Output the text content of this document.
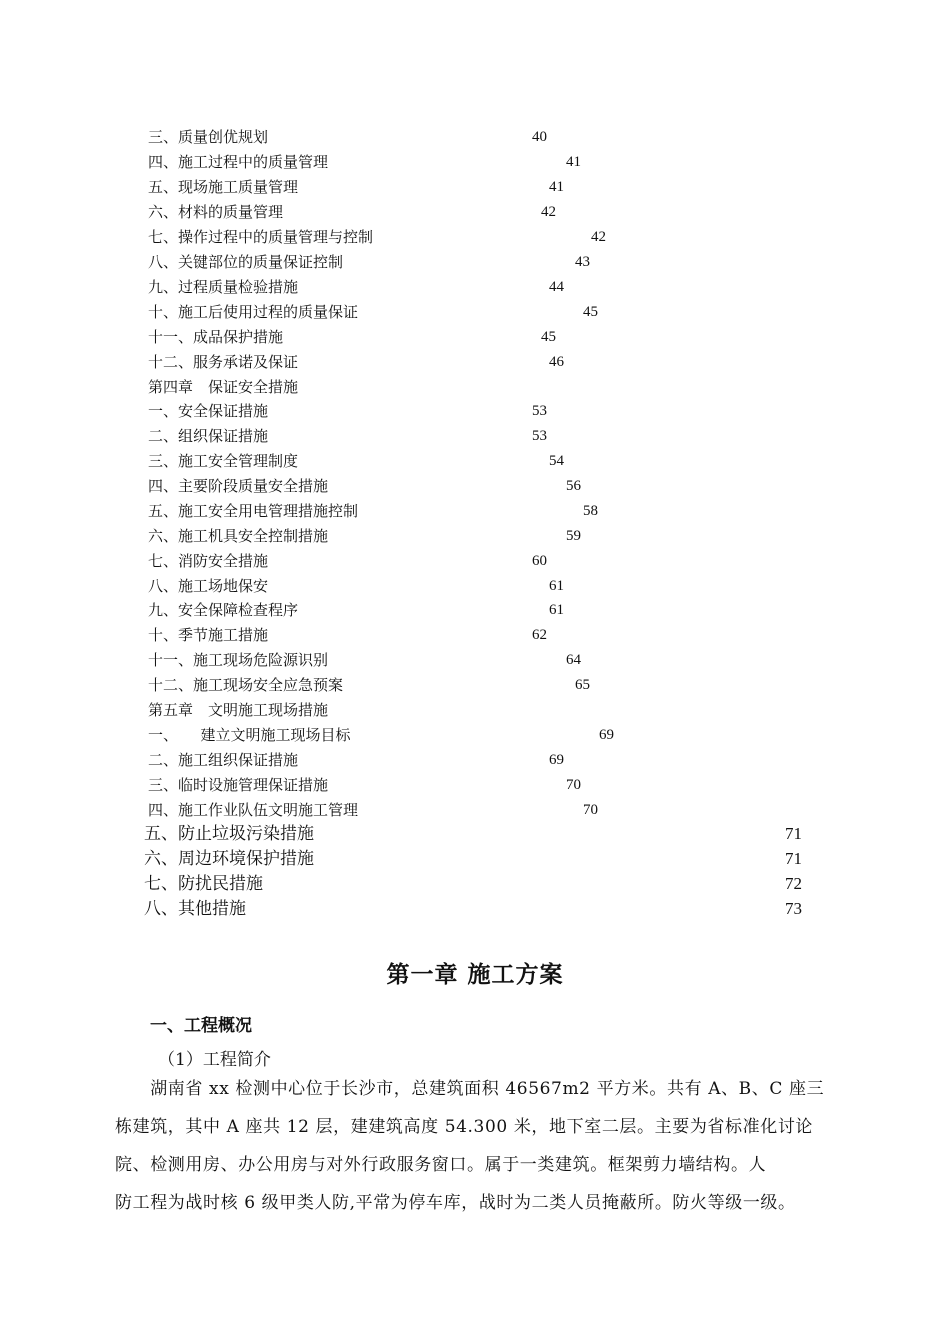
三、质量创优规划	40
四、施工过程中的质量管理	41
五、现场施工质量管理	41
六、材料的质量管理	42
七、操作过程中的质量管理与控制	42
八、关键部位的质量保证控制	43
九、过程质量检验措施	44
十、施工后使用过程的质量保证	45
十一、成品保护措施	45
十二、服务承诺及保证	46
第四章　保证安全措施
一、安全保证措施	53
二、组织保证措施	53
三、施工安全管理制度	54
四、主要阶段质量安全措施	56
五、施工安全用电管理措施控制	58
六、施工机具安全控制措施	59
七、消防安全措施	60
八、施工场地保安	61
九、安全保障检查程序	61
十、季节施工措施	62
十一、施工现场危险源识别	64
十二、施工现场安全应急预案	65
第五章　文明施工现场措施
一、　　建立文明施工现场目标	69
二、施工组织保证措施	69
三、临时设施管理保证措施	70
四、施工作业队伍文明施工管理	70
五、防止垃圾污染措施	71
六、周边环境保护措施	71
七、防扰民措施	72
八、其他措施	73
第一章 施工方案
一、工程概况
（1）工程简介
　　湖南省 xx 检测中心位于长沙市，总建筑面积 46567m2 平方米。共有 A、B、C 座三
栋建筑，其中 A 座共 12 层，建建筑高度 54.300 米，地下室二层。主要为省标准化讨论
院、检测用房、办公用房与对外行政服务窗口。属于一类建筑。框架剪力墙结构。人
防工程为战时核 6 级甲类人防,平常为停车库，战时为二类人员掩蔽所。防火等级一级。
